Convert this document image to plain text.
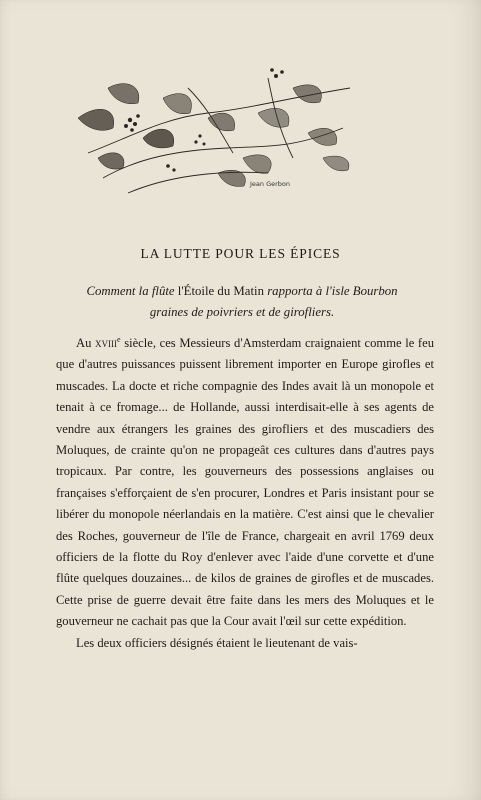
Jean Gerbon
LA LUTTE POUR LES ÉPICES
Comment la flûte l'Étoile du Matin rapporta à l'isle Bourbon
graines de poivriers et de girofliers.

Au xviii$^e$ siècle, ces Messieurs d'Amsterdam craignaient comme le feu que d'autres puissances puissent librement importer en Europe girofles et muscades. La docte et riche compagnie des Indes avait là un monopole et tenait à ce fromage... de Hollande, aussi interdisait-elle à ses agents de vendre aux étrangers les graines des girofliers et des muscadiers des Moluques, de crainte qu'on ne propageât ces cultures dans d'autres pays tropicaux. Par contre, les gouverneurs des possessions anglaises ou françaises s'efforçaient de s'en procurer, Londres et Paris insistant pour se libérer du monopole néerlandais en la matière. C'est ainsi que le chevalier des Roches, gouverneur de l'île de France, chargeait en avril 1769 deux officiers de la flotte du Roy d'enlever avec l'aide d'une corvette et d'une flûte quelques douzaines... de kilos de graines de girofles et de muscades. Cette prise de guerre devait être faite dans les mers des Moluques et le gouverneur ne cachait pas que la Cour avait l'œil sur cette expédition.

Les deux officiers désignés étaient le lieutenant de vais-
